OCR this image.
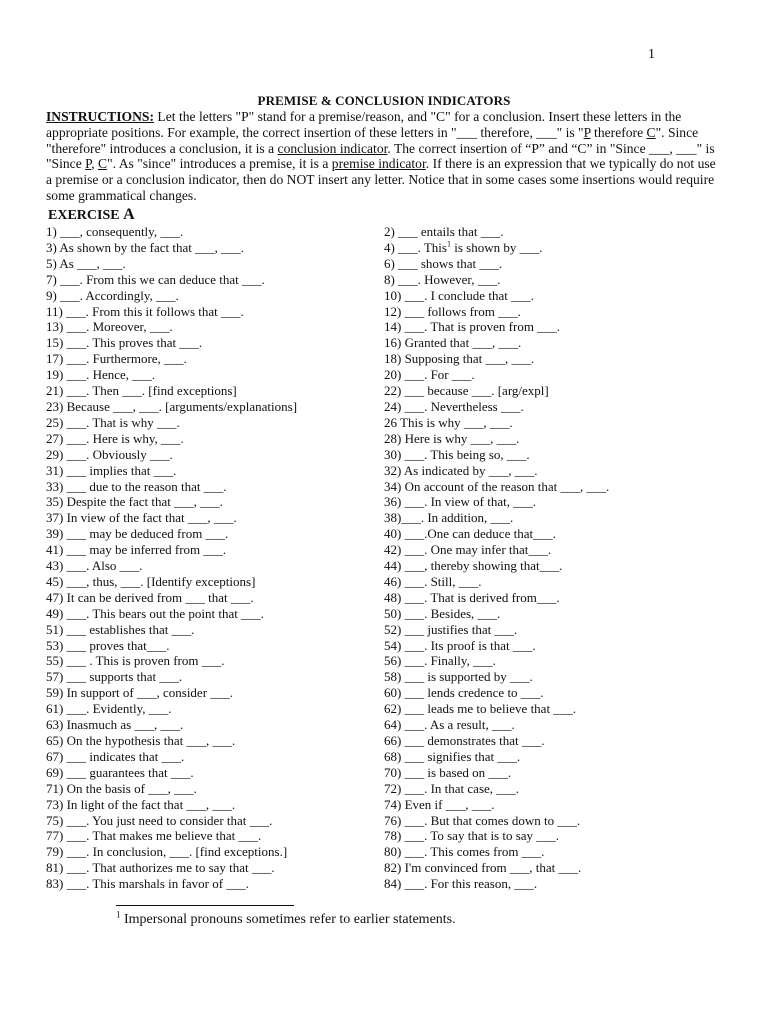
1
PREMISE & CONCLUSION INDICATORS
INSTRUCTIONS: Let the letters "P" stand for a premise/reason, and "C" for a conclusion. Insert these letters in the appropriate positions. For example, the correct insertion of these letters in "___ therefore, ___" is "P therefore C". Since "therefore" introduces a conclusion, it is a conclusion indicator. The correct insertion of “P” and “C” in "Since ___, ___" is "Since P, C". As "since" introduces a premise, it is a premise indicator. If there is an expression that we typically do not use a premise or a conclusion indicator, then do NOT insert any letter. Notice that in some cases some insertions would require some grammatical changes.
EXERCISE A
1) ___, consequently, ___.
3) As shown by the fact that ___, ___.
5) As ___, ___.
7) ___. From this we can deduce that ___.
9) ___. Accordingly, ___.
11) ___. From this it follows that ___.
13) ___. Moreover, ___.
15) ___. This proves that ___.
17) ___. Furthermore, ___.
19) ___. Hence, ___.
21) ___. Then ___. [find exceptions]
23) Because ___, ___. [arguments/explanations]
25) ___. That is why ___.
27) ___. Here is why, ___.
29) ___. Obviously ___.
31) ___ implies that ___.
33) ___ due to the reason that ___.
35) Despite the fact that ___, ___.
37) In view of the fact that ___, ___.
39) ___ may be deduced from ___.
41) ___ may be inferred from ___.
43) ___. Also ___.
45) ___, thus, ___. [Identify exceptions]
47) It can be derived from ___ that ___.
49) ___. This bears out the point that ___.
51) ___ establishes that ___.
53) ___ proves that___.
55) ___ . This is proven from ___.
57) ___ supports that ___.
59) In support of ___, consider ___.
61) ___. Evidently, ___.
63) Inasmuch as ___, ___.
65) On the hypothesis that ___, ___.
67) ___ indicates that ___.
69) ___ guarantees that ___.
71) On the basis of ___, ___.
73) In light of the fact that ___, ___.
75) ___. You just need to consider that ___.
77) ___. That makes me believe that ___.
79) ___. In conclusion, ___. [find exceptions.]
81) ___. That authorizes me to say that ___.
83) ___. This marshals in favor of ___.
2) ___ entails that ___.
4) ___. This$^1$ is shown by ___.
6) ___ shows that ___.
8) ___. However, ___.
10) ___. I conclude that ___.
12) ___ follows from ___.
14) ___. That is proven from ___.
16) Granted that ___, ___.
18) Supposing that ___, ___.
20) ___. For ___.
22) ___ because ___. [arg/expl]
24) ___. Nevertheless ___.
26 This is why ___, ___.
28) Here is why ___, ___.
30) ___. This being so, ___.
32) As indicated by ___, ___.
34) On account of the reason that ___, ___.
36) ___. In view of that, ___.
38)___. In addition, ___.
40) ___.One can deduce that___.
42) ___. One may infer that___.
44) ___, thereby showing that___.
46) ___. Still, ___.
48) ___. That is derived from___.
50) ___. Besides, ___.
52) ___ justifies that ___.
54) ___. Its proof is that ___.
56) ___. Finally, ___.
58) ___ is supported by ___.
60) ___ lends credence to ___.
62) ___ leads me to believe that ___.
64) ___. As a result, ___.
66) ___ demonstrates that ___.
68) ___ signifies that ___.
70) ___ is based on ___.
72) ___. In that case, ___.
74) Even if ___, ___.
76) ___. But that comes down to ___.
78) ___. To say that is to say ___.
80) ___. This comes from ___.
82) I'm convinced from ___, that ___.
84) ___. For this reason, ___.
$^1$ Impersonal pronouns sometimes refer to earlier statements.
